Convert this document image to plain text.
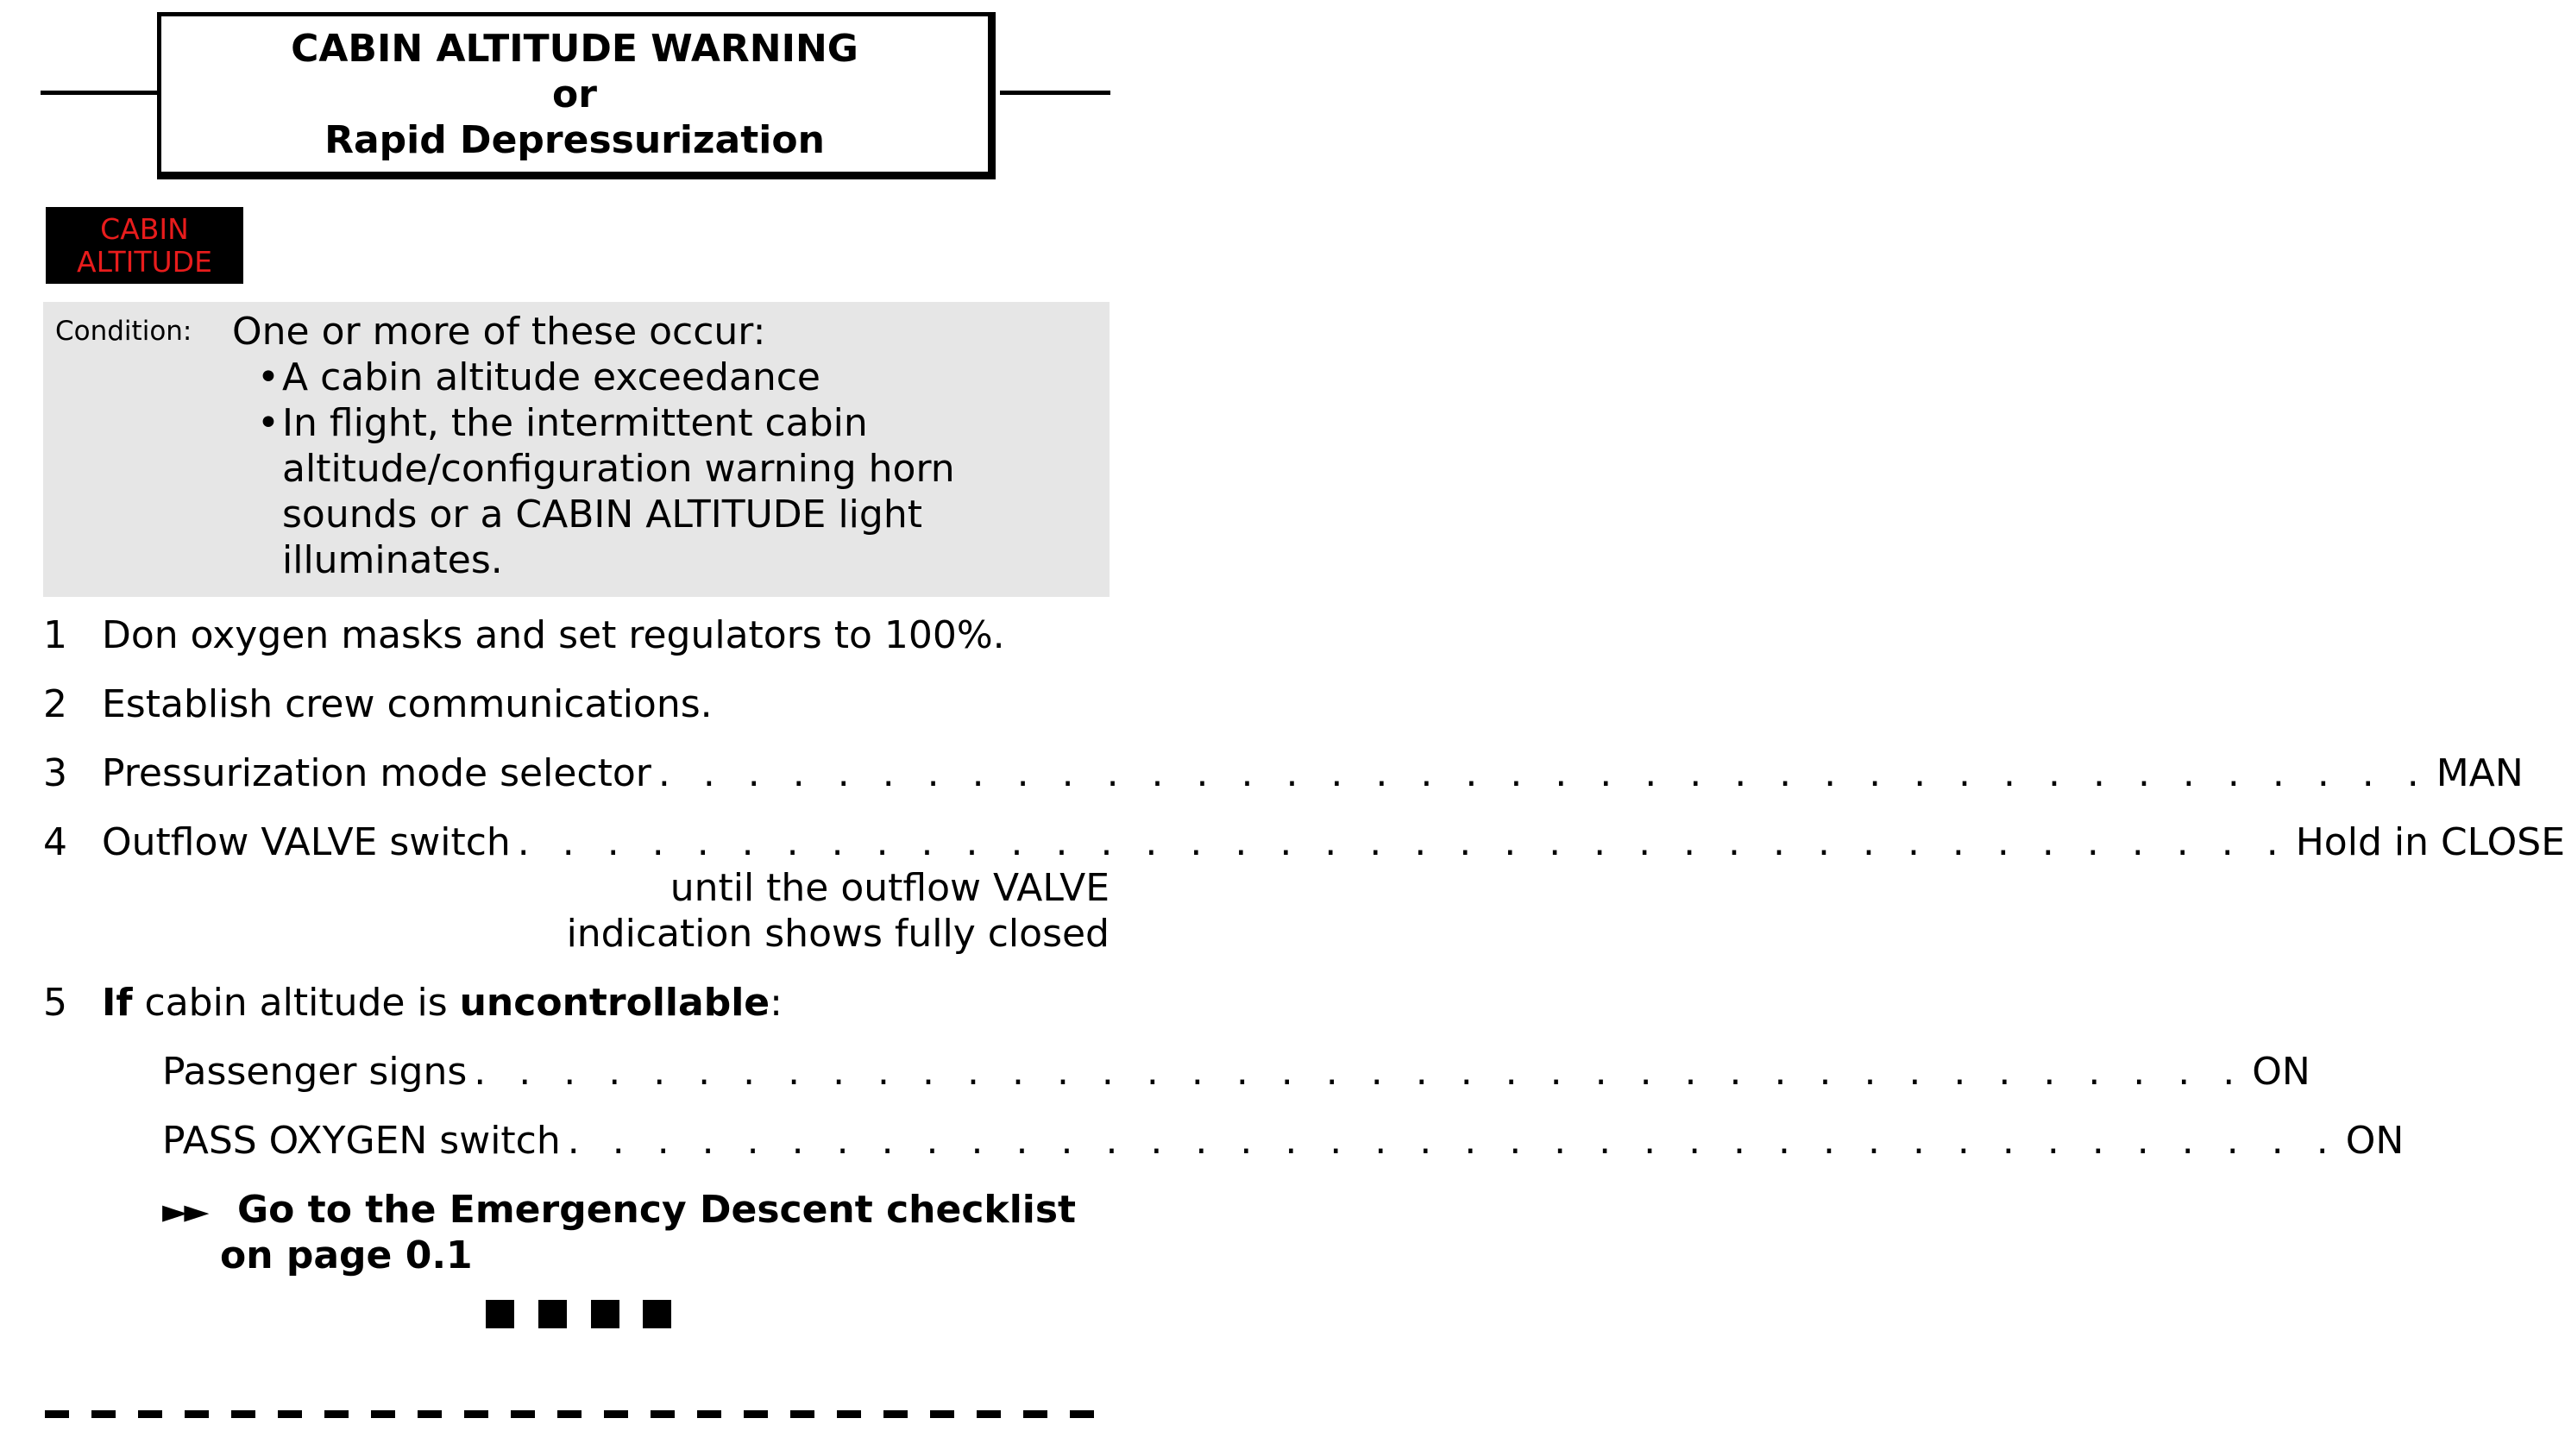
CABIN ALTITUDE WARNING
or
Rapid Depressurization
CABIN
ALTITUDE
Condition: One or more of these occur:
• A cabin altitude exceedance
• In flight, the intermittent cabin
altitude/configuration warning horn
sounds or a CABIN ALTITUDE light
illuminates.
1 Don oxygen masks and set regulators to 100%.
2 Establish crew communications.
3 Pressurization mode selector . . . . . . . . . . . . . . . . . . . . . . . . . . . . . . . . . . . . . . . . MAN
4 Outflow VALVE switch . . . . . . . . . . . . . . . . . . . . . . . . . . . . . . . . . . . . . . . . Hold in CLOSE
until the outflow VALVE
indication shows fully closed
5 If cabin altitude is uncontrollable:
Passenger signs . . . . . . . . . . . . . . . . . . . . . . . . . . . . . . . . . . . . . . . . ON
PASS OXYGEN switch . . . . . . . . . . . . . . . . . . . . . . . . . . . . . . . . . . . . . . . . ON
►► Go to the Emergency Descent checklist
on page 0.1
